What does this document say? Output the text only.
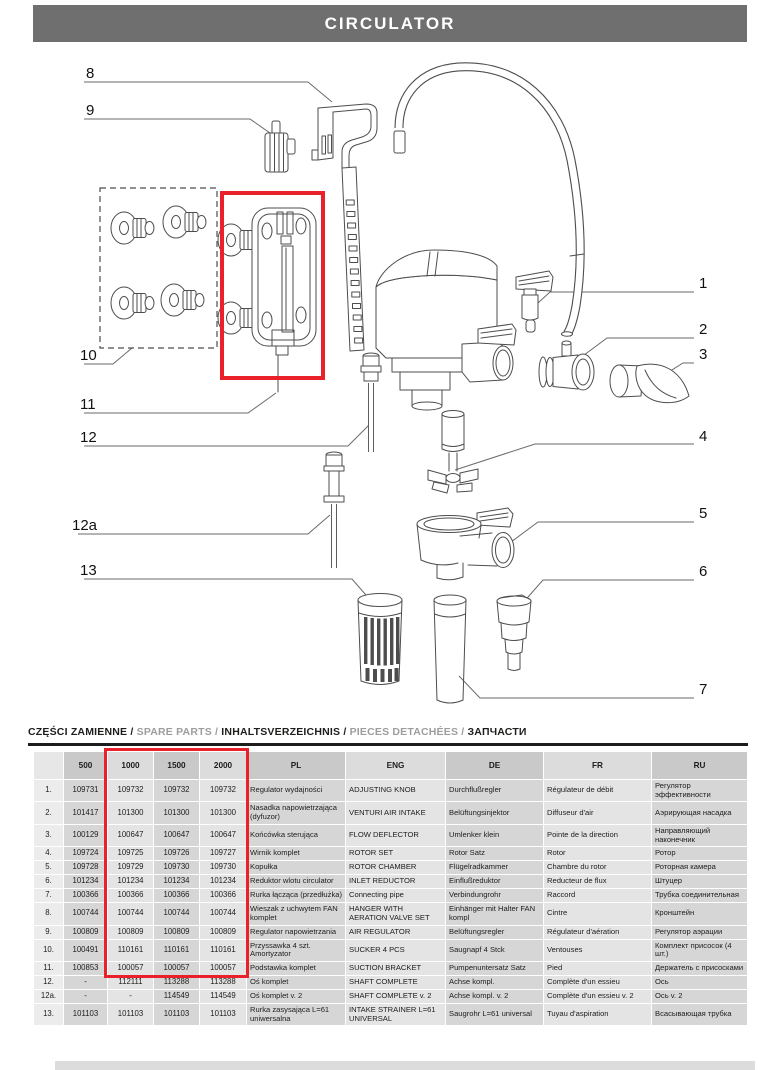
CIRCULATOR
8
9
10
11
12
12a
13
1
2
3
4
5
6
7
CZĘŚCI ZAMIENNE / SPARE PARTS / INHALTSVERZEICHNIS / PIECES DETACHÉES / ЗАПЧАСТИ
	500	1000	1500	2000	PL	ENG	DE	FR	RU
1.	109731	109732	109732	109732	Regulator wydajności	ADJUSTING KNOB	Durchflußregler	Régulateur de débit	Регулятор эффективности
2.	101417	101300	101300	101300	Nasadka napowietrzająca (dyfuzor)	VENTURI AIR INTAKE	Belüftungsinjektor	Diffuseur d'air	Аэрирующая насадка
3.	100129	100647	100647	100647	Końcówka sterująca	FLOW DEFLECTOR	Umlenker klein	Pointe de la direction	Направляющий наконечник
4.	109724	109725	109726	109727	Wirnik komplet	ROTOR SET	Rotor Satz	Rotor	Ротор
5.	109728	109729	109730	109730	Kopułka	ROTOR CHAMBER	Flügelradkammer	Chambre du rotor	Роторная камера
6.	101234	101234	101234	101234	Reduktor wlotu circulator	INLET REDUCTOR	Einflußreduktor	Reducteur de flux	Штуцер
7.	100366	100366	100366	100366	Rurka łącząca (przedłużka)	Connecting pipe	Verbindungrohr	Raccord	Трубка соединительная
8.	100744	100744	100744	100744	Wieszak z uchwytem FAN komplet	HANGER WITH AERATION VALVE SET	Einhänger mit Halter FAN kompl	Cintre	Кронштейн
9.	100809	100809	100809	100809	Regulator napowietrzania	AIR REGULATOR	Belüftungsregler	Régulateur d'aération	Регулятор аэрации
10.	100491	110161	110161	110161	Przyssawka 4 szt. Amortyzator	SUCKER 4 PCS	Saugnapf 4 Stck	Ventouses	Комплект присосок (4 шт.)
11.	100853	100057	100057	100057	Podstawka komplet	SUCTION BRACKET	Pumpenuntersatz Satz	Pied	Держатель с присосками
12.	-	112111	113288	113288	Oś komplet	SHAFT COMPLETE	Achse kompl.	Complète d'un essieu	Ось
12a.	-	-	114549	114549	Oś komplet v. 2	SHAFT COMPLETE v. 2	Achse kompl. v. 2	Complète d'un essieu v. 2	Ось v. 2
13.	101103	101103	101103	101103	Rurka zasysająca L=61 uniwersalna	INTAKE STRAINER L=61 UNIVERSAL	Saugrohr L=61 universal	Tuyau d'aspiration	Всасывающая трубка
